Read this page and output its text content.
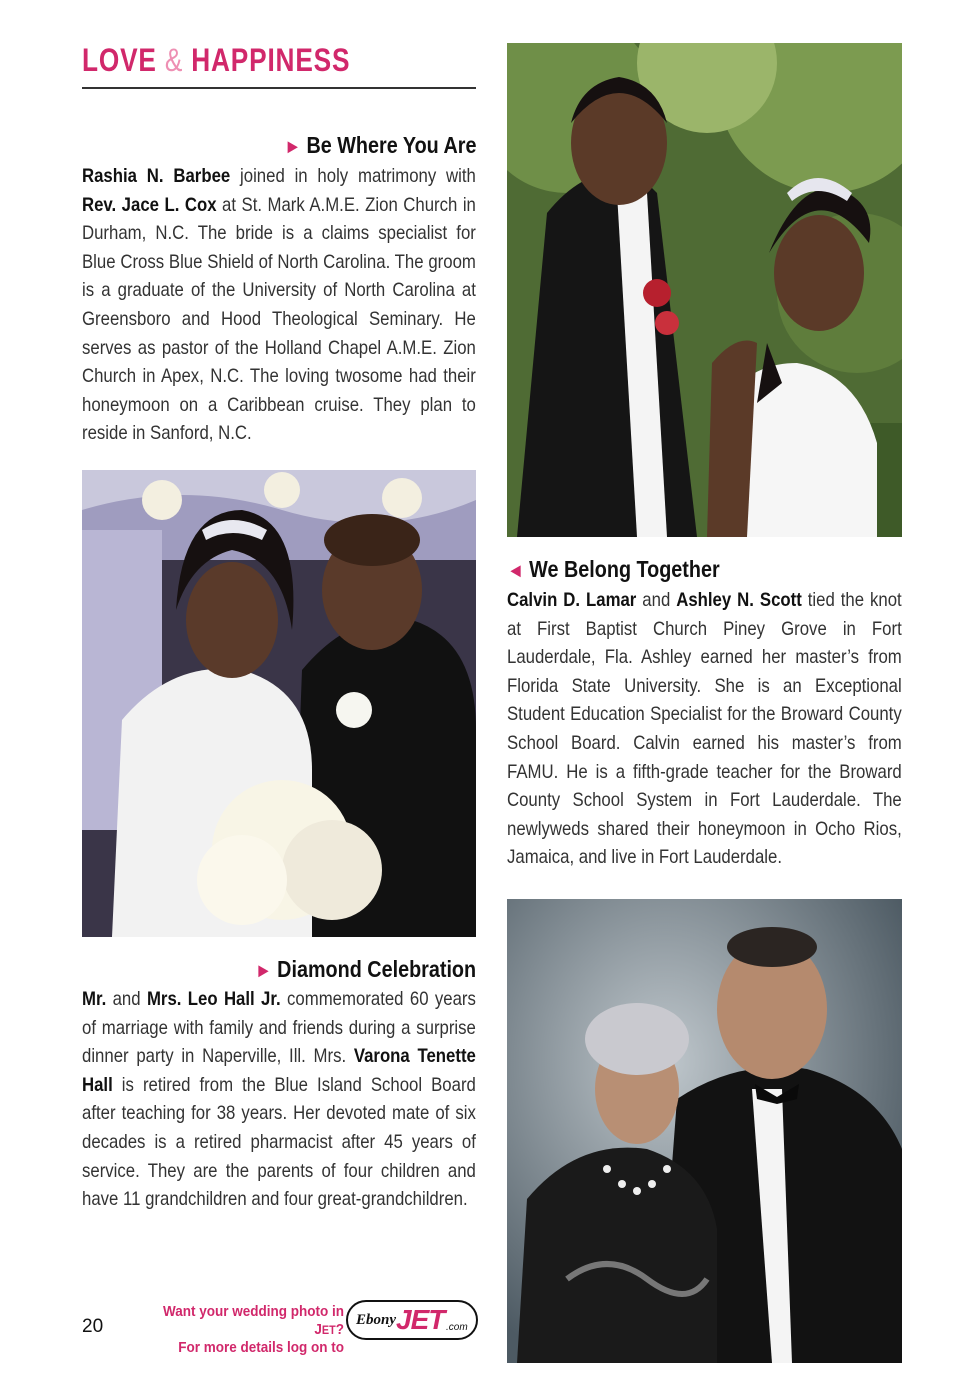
LOVE & HAPPINESS
► Be Where You Are
Rashia N. Barbee joined in holy matrimony with Rev. Jace L. Cox at St. Mark A.M.E. Zion Church in Durham, N.C. The bride is a claims specialist for Blue Cross Blue Shield of North Carolina. The groom is a graduate of the University of North Carolina at Greensboro and Hood Theological Seminary. He serves as pastor of the Holland Chapel A.M.E. Zion Church in Apex, N.C. The loving twosome had their honeymoon on a Caribbean cruise. They plan to reside in Sanford, N.C.
◄ We Belong Together
Calvin D. Lamar and Ashley N. Scott tied the knot at First Baptist Church Piney Grove in Fort Lauderdale, Fla. Ashley earned her master’s from Florida State University. She is an Exceptional Student Education Specialist for the Broward County School Board. Calvin earned his master’s from FAMU. He is a fifth-grade teacher for the Broward County School System in Fort Lauderdale. The newlyweds shared their honeymoon in Ocho Rios, Jamaica, and live in Fort Lauderdale.
► Diamond Celebration
Mr. and Mrs. Leo Hall Jr. commemorated 60 years of marriage with family and friends during a surprise dinner party in Naperville, Ill. Mrs. Varona Tenette Hall is retired from the Blue Island School Board after teaching for 38 years. Her devoted mate of six decades is a retired pharmacist after 45 years of service. They are the parents of four children and have 11 grandchildren and four great-grandchildren.
20
Want your wedding photo in JET?
For more details log on to
Ebony JET .com
